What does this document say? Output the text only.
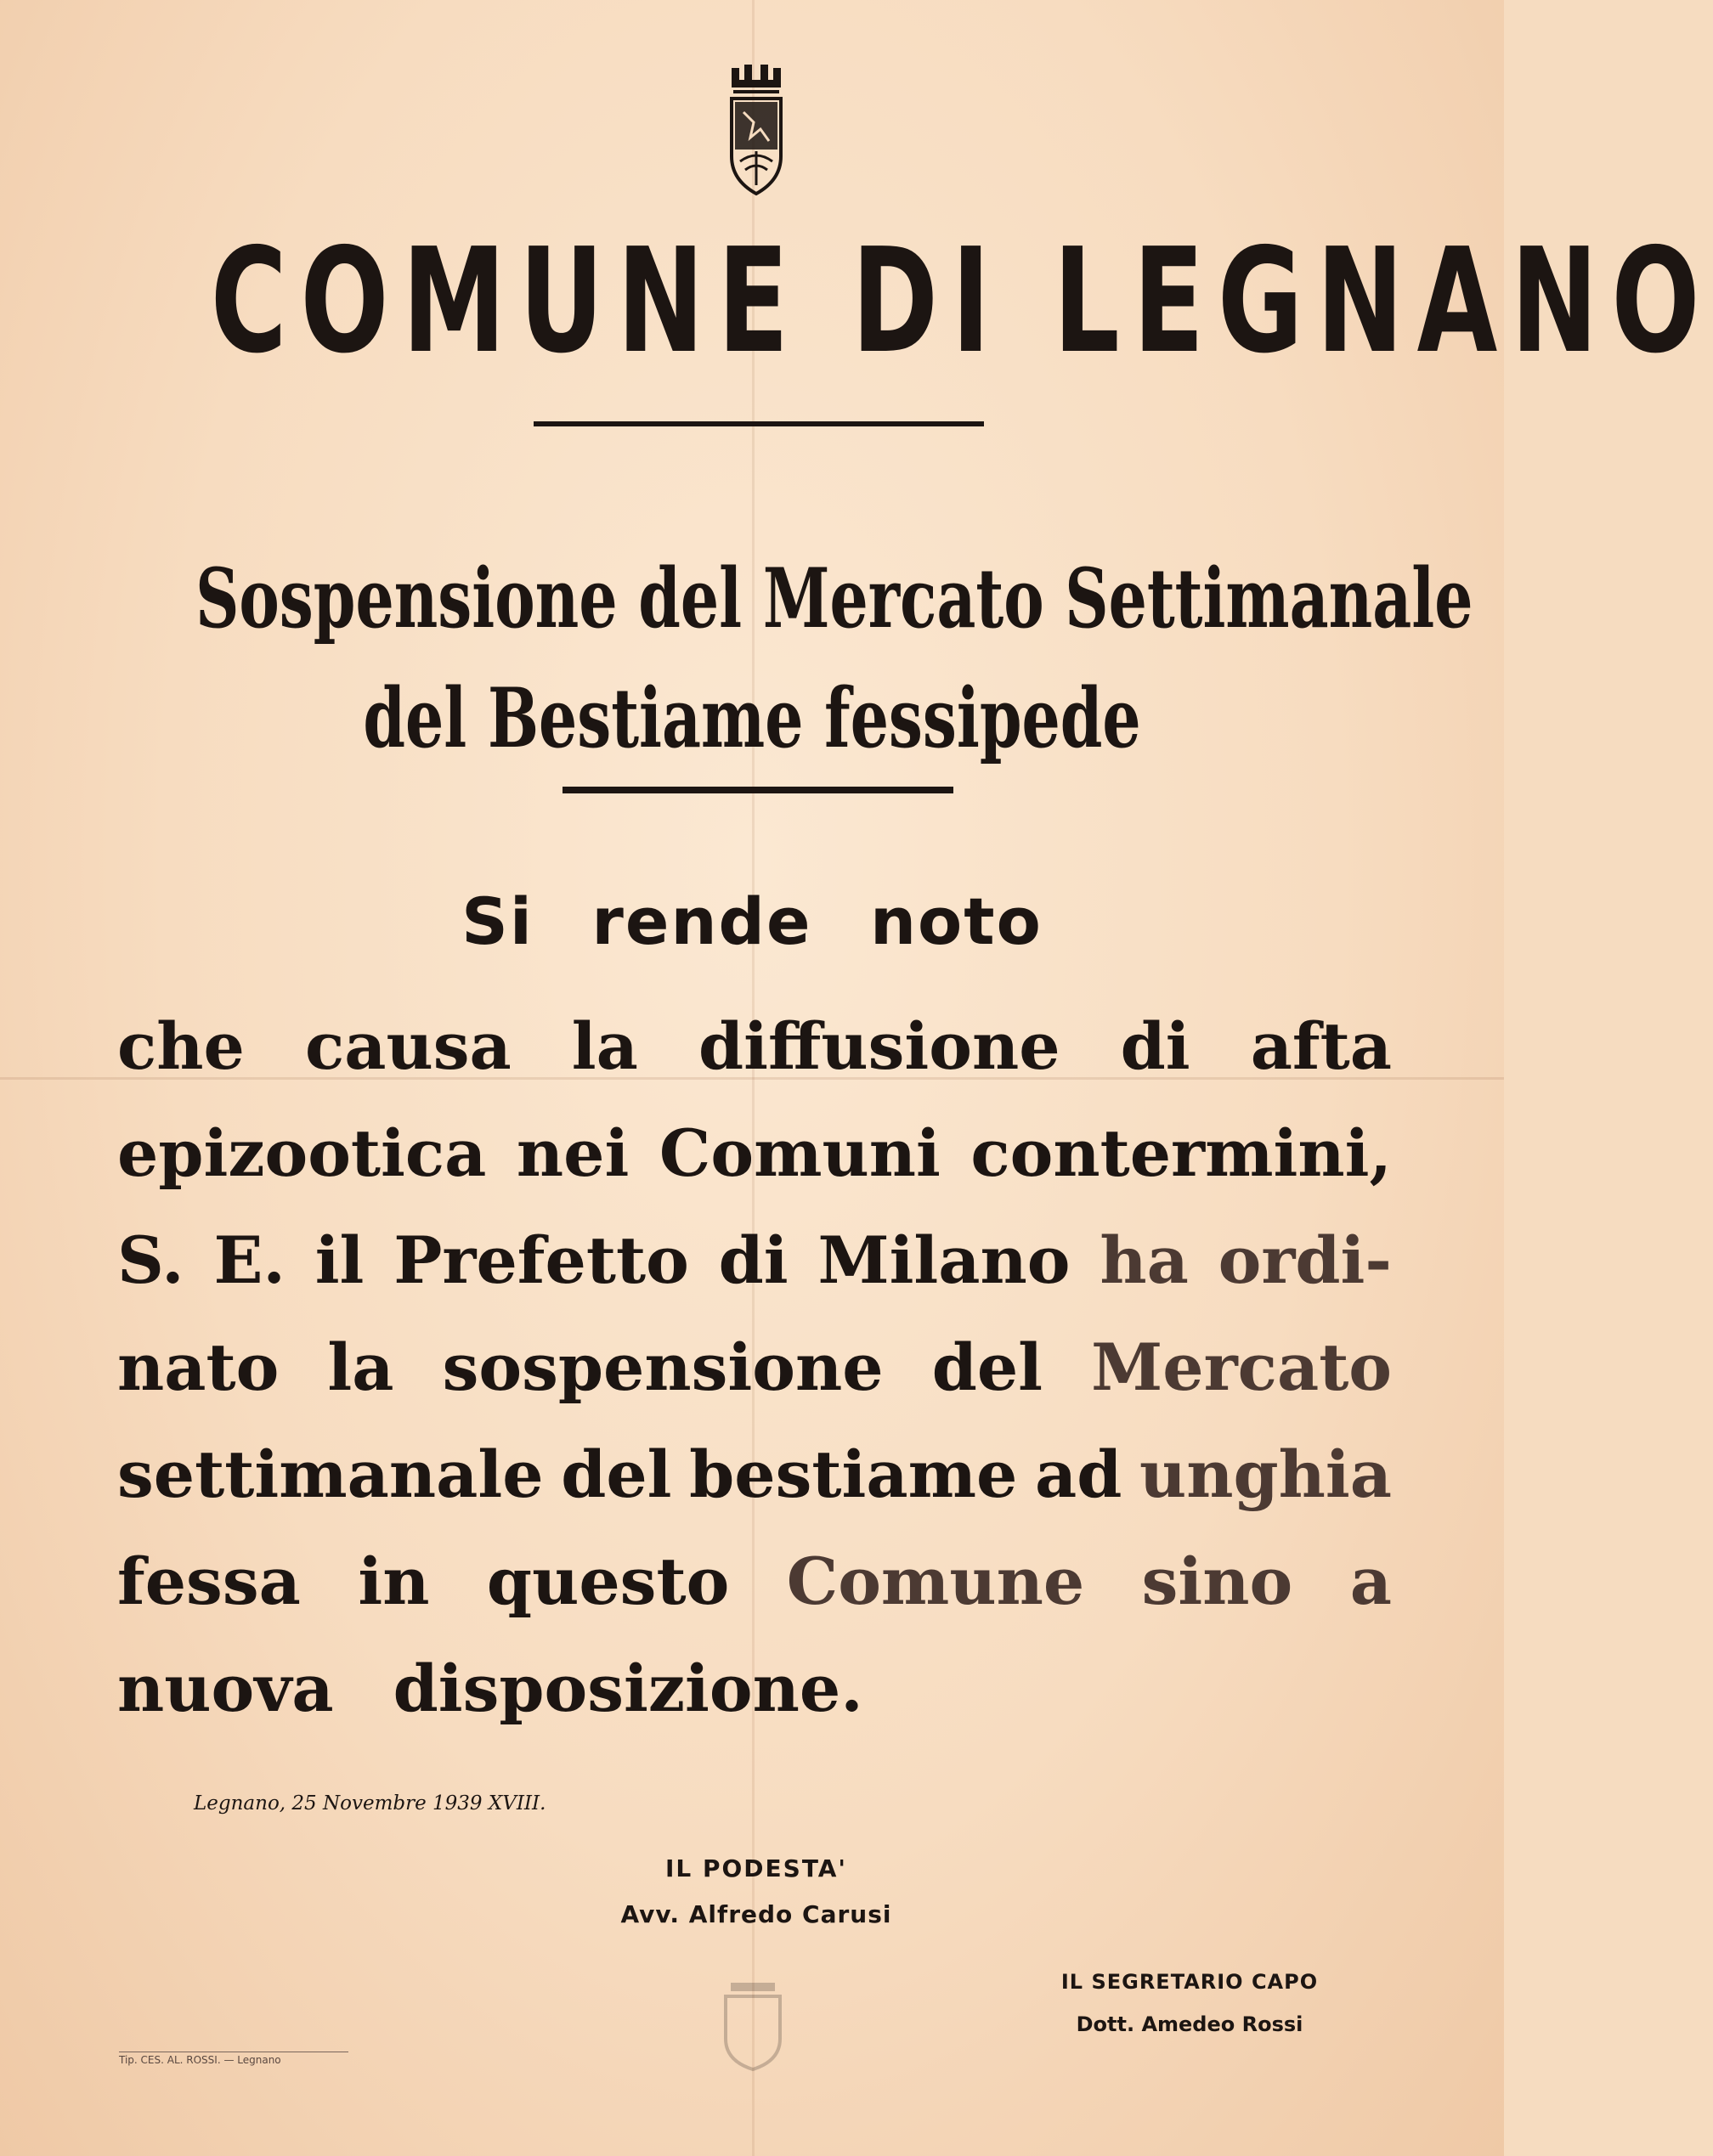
COMUNE DI LEGNANO
Sospensione del Mercato Settimanale
del Bestiame fessipede
Si rende noto
che causa la diffusione di afta
epizootica nei Comuni contermini,
S. E. il Prefetto di Milano ha ordi-
nato la sospensione del Mercato
settimanale del bestiame ad unghia
fessa in questo Comune sino a
nuova disposizione.
Legnano, 25 Novembre 1939 XVIII.
IL PODESTA'
Avv. Alfredo Carusi
IL SEGRETARIO CAPO
Dott. Amedeo Rossi
Tip. CES. AL. ROSSI. — Legnano
